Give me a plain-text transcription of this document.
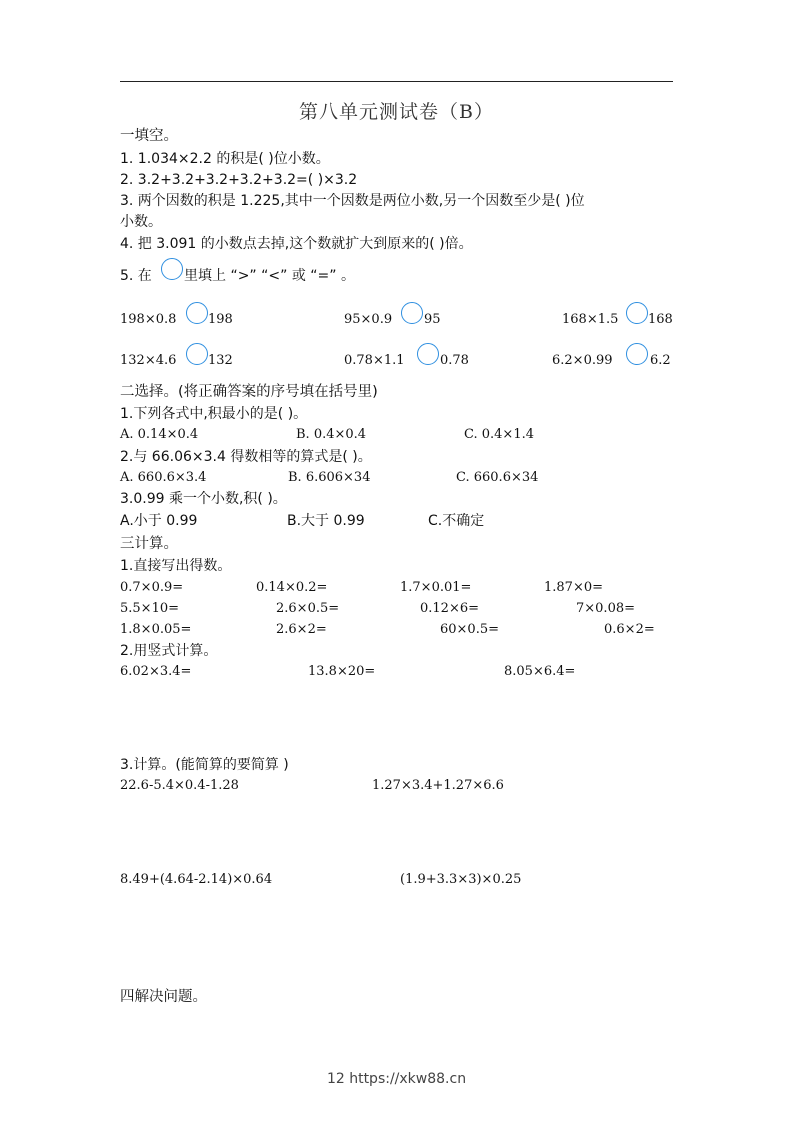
第八单元测试卷（B）
一填空。
1. 1.034×2.2 的积是( )位小数。
2. 3.2+3.2+3.2+3.2+3.2=( )×3.2
3. 两个因数的积是 1.225,其中一个因数是两位小数,另一个因数至少是( )位
小数。
4. 把 3.091 的小数点去掉,这个数就扩大到原来的( )倍。
5. 在 里填上 “>” “<” 或 “=” 。
198×0.8 198	95×0.9 95	168×1.5 168
132×4.6 132	0.78×1.1	0.78	6.2×0.99	6.2
二选择。(将正确答案的序号填在括号里)
1.下列各式中,积最小的是( )。
A. 0.14×0.4	B. 0.4×0.4	C. 0.4×1.4
2.与 66.06×3.4 得数相等的算式是( )。
A. 660.6×3.4	B. 6.606×34	C. 660.6×34
3.0.99 乘一个小数,积( )。
A.小于 0.99	B.大于 0.99	C.不确定
三计算。
1.直接写出得数。
0.7×0.9=	0.14×0.2=	1.7×0.01=	1.87×0=
5.5×10=	2.6×0.5=	0.12×6=	7×0.08=
1.8×0.05=	2.6×2=	60×0.5=	0.6×2=
2.用竖式计算。
6.02×3.4=	13.8×20=	8.05×6.4=
3.计算。(能简算的要简算 )
22.6-5.4×0.4-1.28	1.27×3.4+1.27×6.6
8.49+(4.64-2.14)×0.64	(1.9+3.3×3)×0.25
四解决问题。
12 https://xkw88.cn
